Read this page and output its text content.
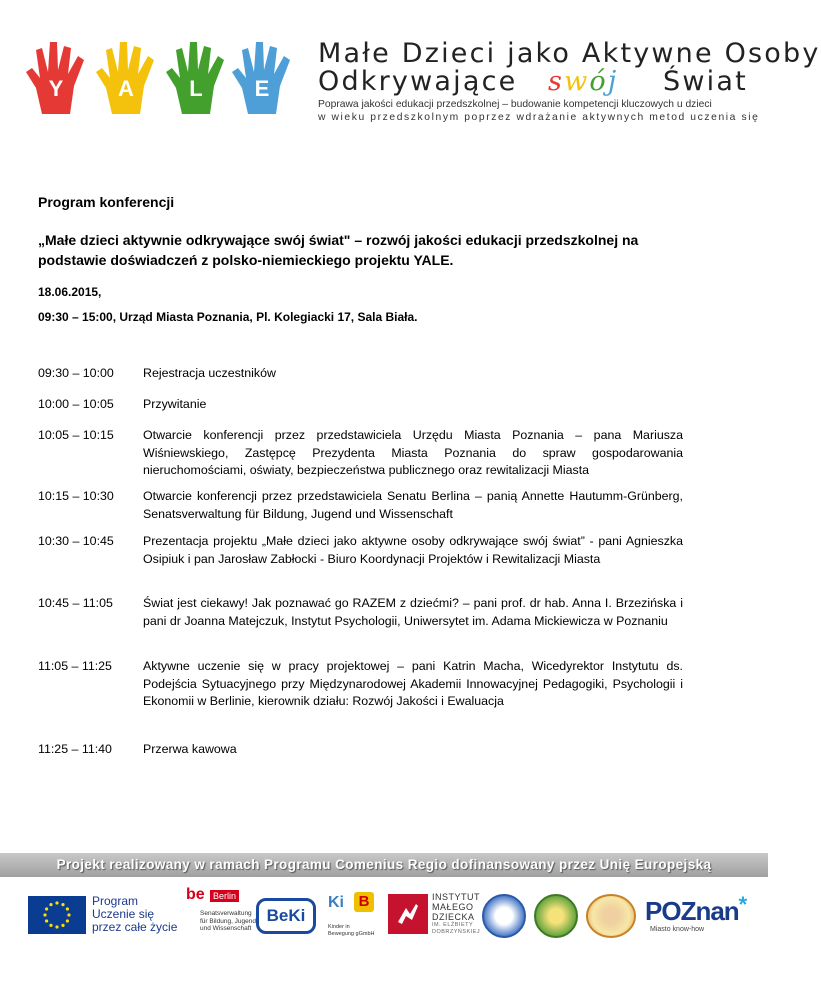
Y	A	L	E
Małe Dzieci jako Aktywne Osoby
Odkrywające swój Świat
Poprawa jakości edukacji przedszkolnej – budowanie kompetencji kluczowych u dzieci
w wieku przedszkolnym poprzez wdrażanie aktywnych metod uczenia się
Program konferencji
„Małe dzieci aktywnie odkrywające swój świat" – rozwój jakości edukacji przedszkolnej na podstawie doświadczeń z polsko-niemieckiego projektu YALE.
18.06.2015,
09:30 – 15:00, Urząd Miasta Poznania, Pl. Kolegiacki 17, Sala Biała.
09:30 – 10:00	Rejestracja uczestników
10:00 – 10:05	Przywitanie
10:05 – 10:15	Otwarcie konferencji przez przedstawiciela Urzędu Miasta Poznania – pana Mariusza Wiśniewskiego, Zastępcę Prezydenta Miasta Poznania do spraw gospodarowania nieruchomościami, oświaty, bezpieczeństwa publicznego oraz rewitalizacji Miasta
10:15 – 10:30	Otwarcie konferencji przez przedstawiciela Senatu Berlina – panią Annette Hautumm-Grünberg, Senatsverwaltung für Bildung, Jugend und Wissenschaft
10:30 – 10:45	Prezentacja projektu „Małe dzieci jako aktywne osoby odkrywające swój świat” - pani Agnieszka Osipiuk i pan Jarosław Zabłocki - Biuro Koordynacji Projektów i Rewitalizacji Miasta
10:45 – 11:05	Świat jest ciekawy! Jak poznawać go RAZEM z dziećmi? – pani prof. dr hab. Anna I. Brzezińska i pani dr Joanna Matejczuk, Instytut Psychologii, Uniwersytet im. Adama Mickiewicza w Poznaniu
11:05 – 11:25	Aktywne uczenie się w pracy projektowej – pani Katrin Macha, Wicedyrektor Instytutu ds. Podejścia Sytuacyjnego przy Międzynarodowej Akademii Innowacyjnej Pedagogiki, Psychologii i Ekonomii w Berlinie, kierownik działu: Rozwój Jakości i Ewaluacja
11:25 – 11:40	Przerwa kawowa
Projekt realizowany w ramach Programu Comenius Regio dofinansowany przez Unię Europejską
Program
Uczenie się
przez całe życie
be Berlin
Senatsverwaltung
für Bildung, Jugend
und Wissenschaft
BeKi
Ki B
Kinder in
Bewegung gGmbH
INSTYTUT
MAŁEGO
DZIECKA
IM. ELŻBIETY
DOBRZYŃSKIEJ
POZnan*
Miasto know-how
